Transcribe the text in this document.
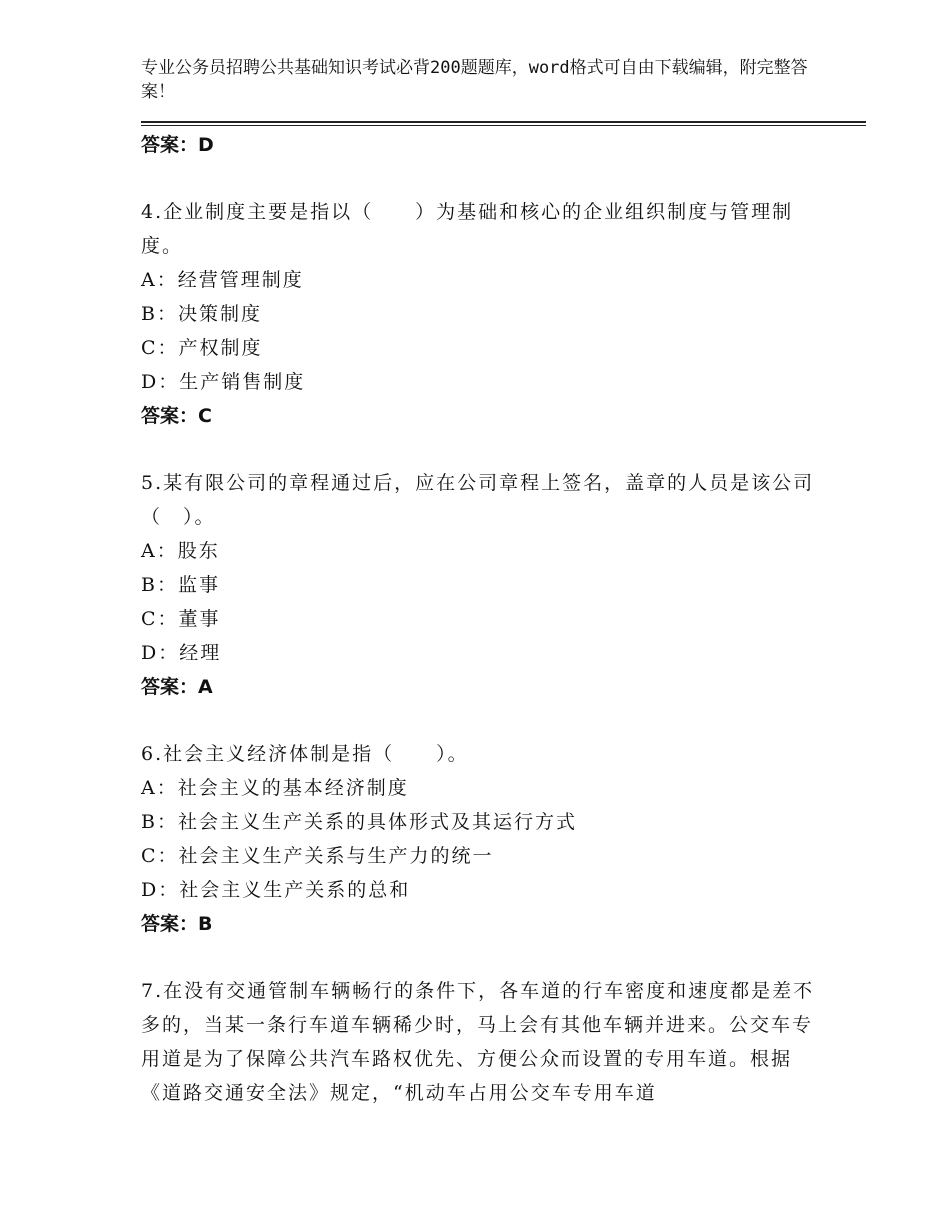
专业公务员招聘公共基础知识考试必背200题题库，word格式可自由下载编辑，附完整答案！
答案：D
4.企业制度主要是指以（　　）为基础和核心的企业组织制度与管理制度。
A：经营管理制度
B：决策制度
C：产权制度
D：生产销售制度
答案：C
5.某有限公司的章程通过后，应在公司章程上签名，盖章的人员是该公司（　）。
A：股东
B：监事
C：董事
D：经理
答案：A
6.社会主义经济体制是指（　　）。
A：社会主义的基本经济制度
B：社会主义生产关系的具体形式及其运行方式
C：社会主义生产关系与生产力的统一
D：社会主义生产关系的总和
答案：B
7.在没有交通管制车辆畅行的条件下，各车道的行车密度和速度都是差不多的，当某一条行车道车辆稀少时，马上会有其他车辆并进来。公交车专用道是为了保障公共汽车路权优先、方便公众而设置的专用车道。根据《道路交通安全法》规定，“机动车占用公交车专用车道
